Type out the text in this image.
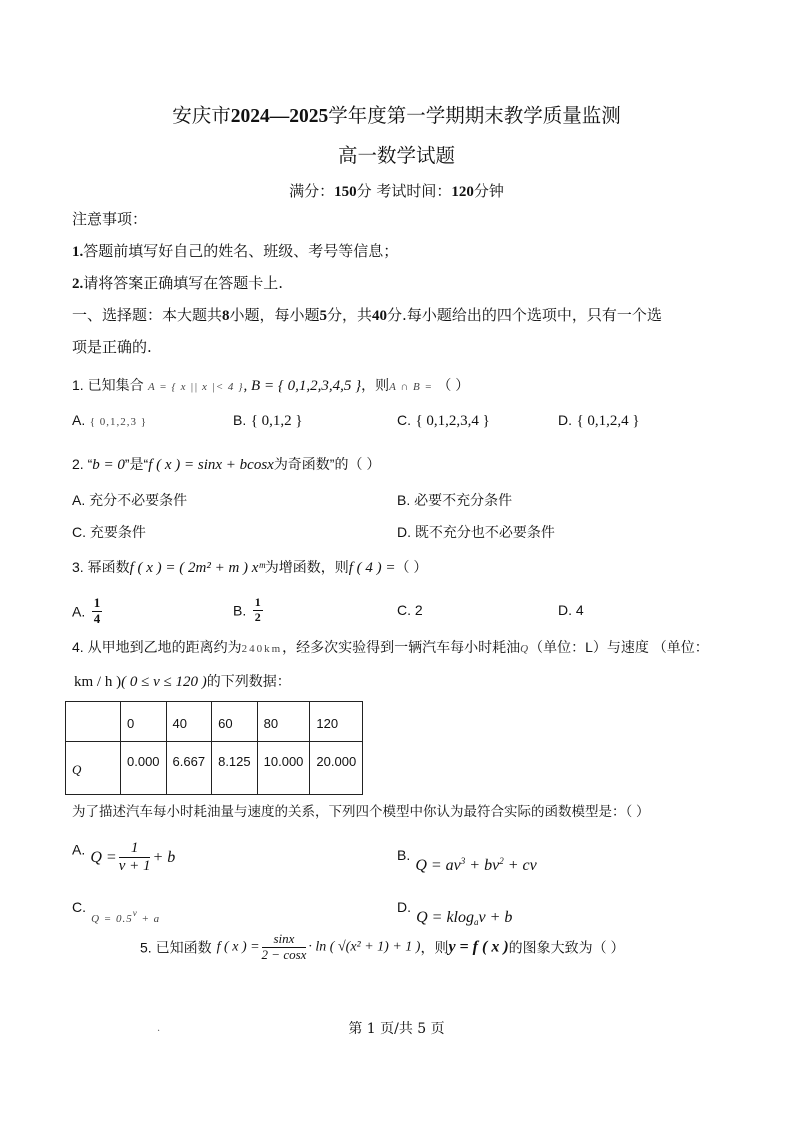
安庆市2024—2025学年度第一学期期末教学质量监测
高一数学试题
满分：150分 考试时间：120分钟
注意事项：
1.答题前填写好自己的姓名、班级、考号等信息；
2.请将答案正确填写在答题卡上.
一、选择题：本大题共8小题，每小题5分，共40分.每小题给出的四个选项中，只有一个选
项是正确的.
1. 已知集合 A = { x || x |< 4 }, B = { 0,1,2,3,4,5 }，则A ∩ B = （ ）
A. { 0,1,2,3 }	B. { 0,1,2 }	C. { 0,1,2,3,4 }	D. { 0,1,2,4 }
2. “b = 0”是“f ( x ) = sinx + bcosx为奇函数”的（ ）
A. 充分不必要条件	B. 必要不充分条件
C. 充要条件	D. 既不充分也不必要条件
3. 幂函数f ( x ) = ( 2m² + m ) xᵐ为增函数，则f ( 4 ) =（ ）
A. $\frac{1}{4}$	B. $\frac{1}{2}$	C. 2	D. 4
4. 从甲地到乙地的距离约为240km，经多次实验得到一辆汽车每小时耗油Q（单位：L）与速度 （单位：
km / h )( 0 ≤ v ≤ 120 )的下列数据：
	0	40	60	80	120
Q	0.000	6.667	8.125	10.000	20.000
为了描述汽车每小时耗油量与速度的关系，下列四个模型中你认为最符合实际的函数模型是：（ ）
A. $Q = \frac{1}{v + 1} + b$	B. $Q = av^3 + bv^2$ + cv
C. $_{Q = 0.5^v + a}$
D. Q = klog$_a$v + b
5. 已知函数 f ( x ) = $\frac{\sin x}{2 - \cos x} \cdot \ln$ ( √(x² + 1) + 1 )，则y = f ( x )的图象大致为（ ）
·	第 1 页/共 5 页
